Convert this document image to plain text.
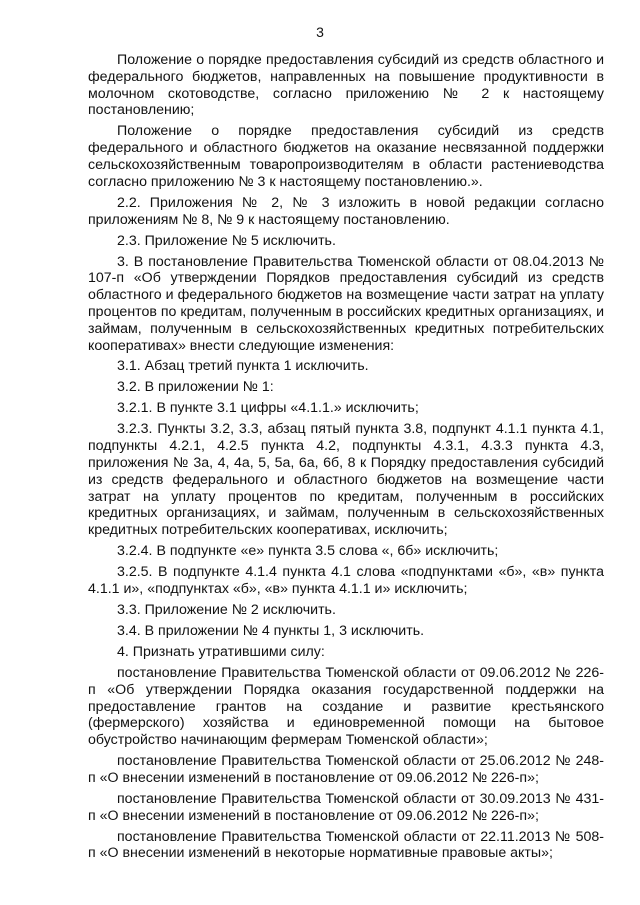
3

Положение о порядке предоставления субсидий из средств областного и федерального бюджетов, направленных на повышение продуктивности в молочном скотоводстве, согласно приложению № 2 к настоящему постановлению;

Положение о порядке предоставления субсидий из средств федерального и областного бюджетов на оказание несвязанной поддержки сельскохозяйственным товаропроизводителям в области растениеводства согласно приложению № 3 к настоящему постановлению.».

2.2. Приложения № 2, № 3 изложить в новой редакции согласно приложениям № 8, № 9 к настоящему постановлению.

2.3. Приложение № 5 исключить.

3. В постановление Правительства Тюменской области от 08.04.2013 № 107-п «Об утверждении Порядков предоставления субсидий из средств областного и федерального бюджетов на возмещение части затрат на уплату процентов по кредитам, полученным в российских кредитных организациях, и займам, полученным в сельскохозяйственных кредитных потребительских кооперативах» внести следующие изменения:

3.1. Абзац третий пункта 1 исключить.

3.2. В приложении № 1:

3.2.1. В пункте 3.1 цифры «4.1.1.» исключить;

3.2.3. Пункты 3.2, 3.3, абзац пятый пункта 3.8, подпункт 4.1.1 пункта 4.1, подпункты 4.2.1, 4.2.5 пункта 4.2, подпункты 4.3.1, 4.3.3 пункта 4.3, приложения № 3а, 4, 4а, 5, 5а, 6а, 6б, 8 к Порядку предоставления субсидий из средств федерального и областного бюджетов на возмещение части затрат на уплату процентов по кредитам, полученным в российских кредитных организациях, и займам, полученным в сельскохозяйственных кредитных потребительских кооперативах, исключить;

3.2.4. В подпункте «е» пункта 3.5 слова «, 6б» исключить;

3.2.5. В подпункте 4.1.4 пункта 4.1 слова «подпунктами «б», «в» пункта 4.1.1 и», «подпунктах «б», «в» пункта 4.1.1 и» исключить;

3.3. Приложение № 2 исключить.

3.4. В приложении № 4 пункты 1, 3 исключить.

4. Признать утратившими силу:

постановление Правительства Тюменской области от 09.06.2012 № 226-п «Об утверждении Порядка оказания государственной поддержки на предоставление грантов на создание и развитие крестьянского (фермерского) хозяйства и единовременной помощи на бытовое обустройство начинающим фермерам Тюменской области»;

постановление Правительства Тюменской области от 25.06.2012 № 248-п «О внесении изменений в постановление от 09.06.2012 № 226-п»;

постановление Правительства Тюменской области от 30.09.2013 № 431-п «О внесении изменений в постановление от 09.06.2012 № 226-п»;

постановление Правительства Тюменской области от 22.11.2013 № 508-п «О внесении изменений в некоторые нормативные правовые акты»;
